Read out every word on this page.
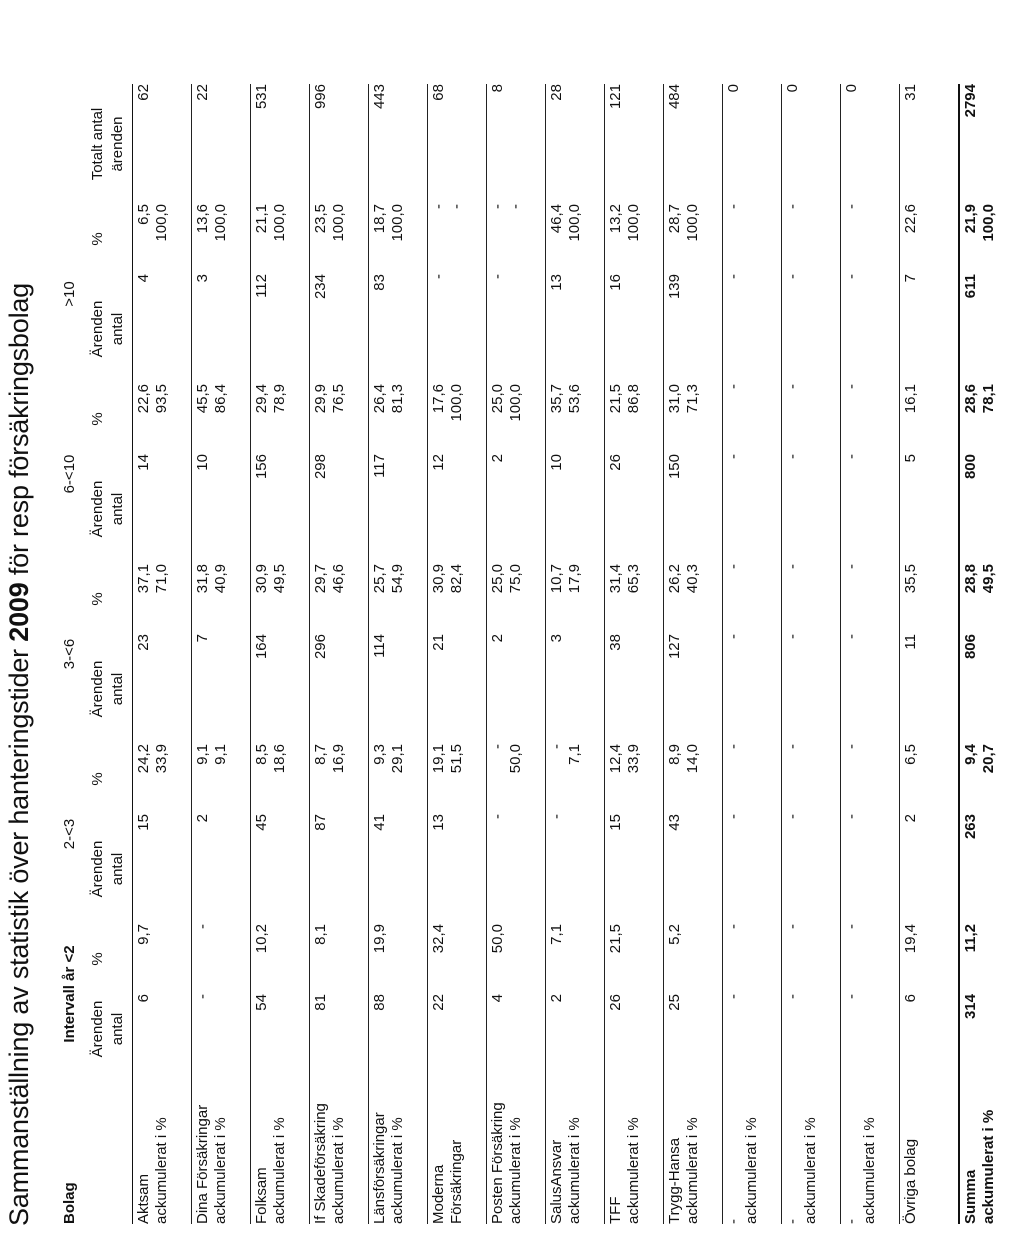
Sammanställning av statistik över hanteringstider 2009 för resp försäkringsbolag
Bolag	Intervall år <2		2-<3		3-<6		6-<10		>10		

	Ärenden antal	%	Ärenden antal	%	Ärenden antal	%	Ärenden antal	%	Ärenden antal	%	Totalt antal ärenden

Aktsam ackumulerat i %	6	9,7	15	24,2 33,9	23	37,1 71,0	14	22,6 93,5	4	6,5 100,0	62

Dina Försäkringar ackumulerat i %	-	-	2	9,1 9,1	7	31,8 40,9	10	45,5 86,4	3	13,6 100,0	22

Folksam ackumulerat i %	54	10,2	45	8,5 18,6	164	30,9 49,5	156	29,4 78,9	112	21,1 100,0	531

If Skadeförsäkring ackumulerat i %	81	8,1	87	8,7 16,9	296	29,7 46,6	298	29,9 76,5	234	23,5 100,0	996

Länsförsäkringar ackumulerat i %	88	19,9	41	9,3 29,1	114	25,7 54,9	117	26,4 81,3	83	18,7 100,0	443

Moderna Försäkringar	22	32,4	13	19,1 51,5	21	30,9 82,4	12	17,6 100,0	-	- -	68

Posten Försäkring ackumulerat i %	4	50,0	-	- 50,0	2	25,0 75,0	2	25,0 100,0	-	- -	8

SalusAnsvar ackumulerat i %	2	7,1	-	- 7,1	3	10,7 17,9	10	35,7 53,6	13	46,4 100,0	28

TFF ackumulerat i %	26	21,5	15	12,4 33,9	38	31,4 65,3	26	21,5 86,8	16	13,2 100,0	121

Trygg-Hansa ackumulerat i %	25	5,2	43	8,9 14,0	127	26,2 40,3	150	31,0 71,3	139	28,7 100,0	484

- ackumulerat i %	-	-	-	-	-	-	-	-	-	-	0

- ackumulerat i %	-	-	-	-	-	-	-	-	-	-	0

- ackumulerat i %	-	-	-	-	-	-	-	-	-	-	0

Övriga bolag	6	19,4	2	6,5	11	35,5	5	16,1	7	22,6	31

Summa ackumulerat i %	314	11,2	263	9,4 20,7	806	28,8 49,5	800	28,6 78,1	611	21,9 100,0	2794
